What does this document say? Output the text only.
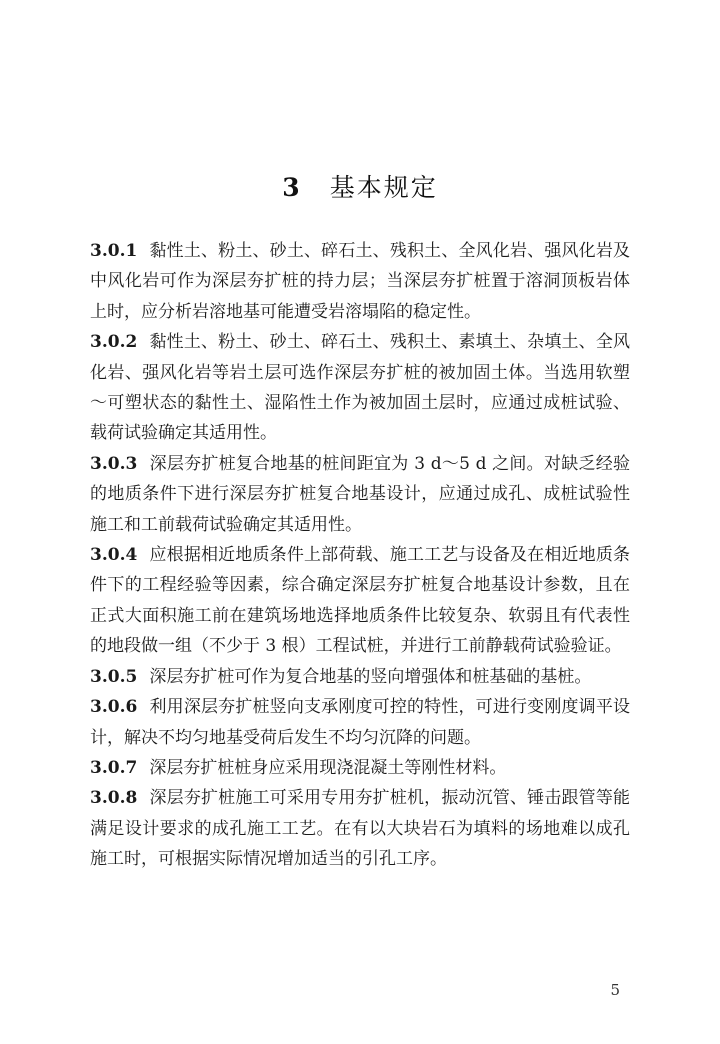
3 基本规定

3.0.1 黏性土、粉土、砂土、碎石土、残积土、全风化岩、强风化岩及中风化岩可作为深层夯扩桩的持力层；当深层夯扩桩置于溶洞顶板岩体上时，应分析岩溶地基可能遭受岩溶塌陷的稳定性。

3.0.2 黏性土、粉土、砂土、碎石土、残积土、素填土、杂填土、全风化岩、强风化岩等岩土层可选作深层夯扩桩的被加固土体。当选用软塑～可塑状态的黏性土、湿陷性土作为被加固土层时，应通过成桩试验、载荷试验确定其适用性。

3.0.3 深层夯扩桩复合地基的桩间距宜为 3 d～5 d 之间。对缺乏经验的地质条件下进行深层夯扩桩复合地基设计，应通过成孔、成桩试验性施工和工前载荷试验确定其适用性。

3.0.4 应根据相近地质条件上部荷载、施工工艺与设备及在相近地质条件下的工程经验等因素，综合确定深层夯扩桩复合地基设计参数，且在正式大面积施工前在建筑场地选择地质条件比较复杂、软弱且有代表性的地段做一组（不少于 3 根）工程试桩，并进行工前静载荷试验验证。

3.0.5 深层夯扩桩可作为复合地基的竖向增强体和桩基础的基桩。

3.0.6 利用深层夯扩桩竖向支承刚度可控的特性，可进行变刚度调平设计，解决不均匀地基受荷后发生不均匀沉降的问题。

3.0.7 深层夯扩桩桩身应采用现浇混凝土等刚性材料。

3.0.8 深层夯扩桩施工可采用专用夯扩桩机，振动沉管、锤击跟管等能满足设计要求的成孔施工工艺。在有以大块岩石为填料的场地难以成孔施工时，可根据实际情况增加适当的引孔工序。

5
